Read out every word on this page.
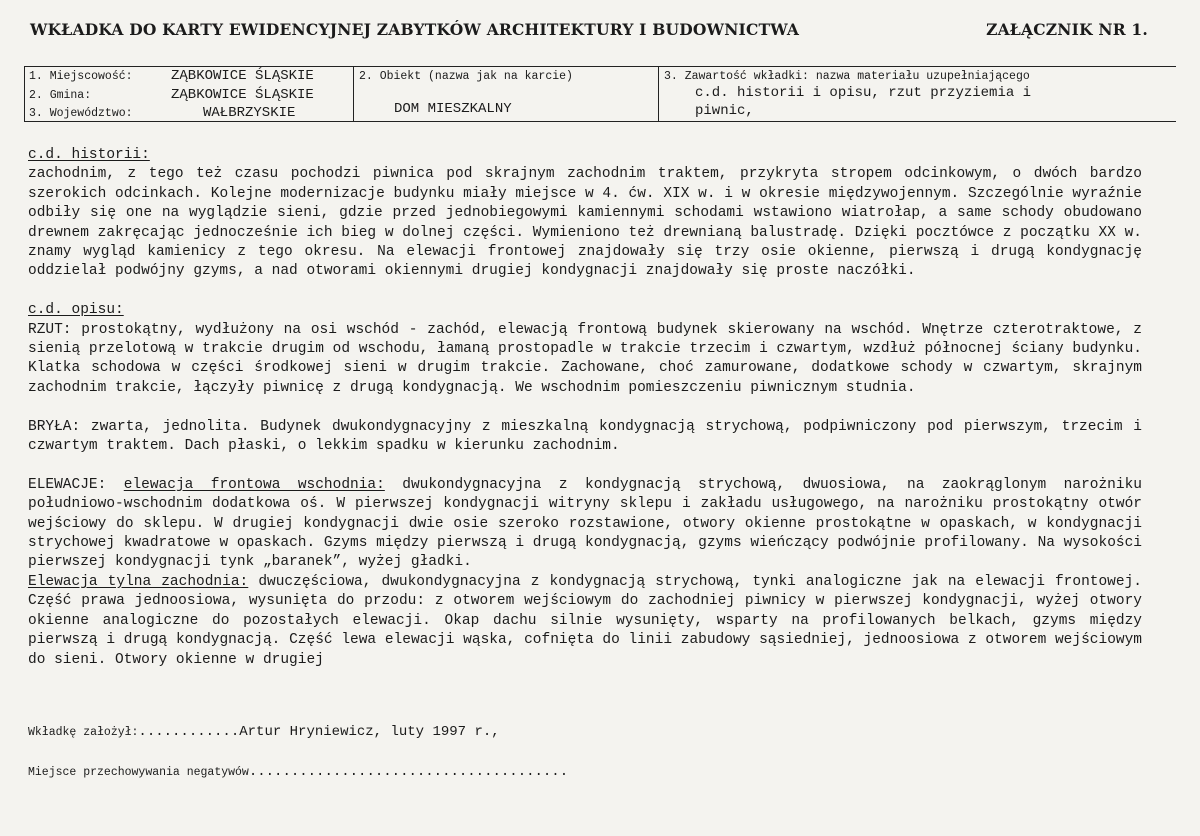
WKŁADKA DO KARTY EWIDENCYJNEJ ZABYTKÓW ARCHITEKTURY I BUDOWNICTWA	ZAŁĄCZNIK NR 1.
1. Miejscowość:	ZĄBKOWICE ŚLĄSKIE
2. Gmina:	ZĄBKOWICE ŚLĄSKIE
3. Województwo:	WAŁBRZYSKIE
2. Obiekt (nazwa jak na karcie)
DOM MIESZKALNY
3. Zawartość wkładki: nazwa materiału uzupełniającego
c.d. historii i opisu, rzut przyziemia i
piwnic,

c.d. historii:

zachodnim, z tego też czasu pochodzi piwnica pod skrajnym zachodnim traktem, przykryta stropem odcinkowym, o dwóch bardzo szerokich odcinkach. Kolejne modernizacje budynku miały miejsce w 4. ćw. XIX w. i w okresie międzywojennym. Szczególnie wyraźnie odbiły się one na wyglądzie sieni, gdzie przed jednobiegowymi kamiennymi schodami wstawiono wiatrołap, a same schody obudowano drewnem zakręcając jednocześnie ich bieg w dolnej części. Wymieniono też drewnianą balustradę. Dzięki pocztówce z początku XX w. znamy wygląd kamienicy z tego okresu. Na elewacji frontowej znajdowały się trzy osie okienne, pierwszą i drugą kondygnację oddzielał podwójny gzyms, a nad otworami okiennymi drugiej kondygnacji znajdowały się proste naczółki.

c.d. opisu:

RZUT: prostokątny, wydłużony na osi wschód - zachód, elewacją frontową budynek skierowany na wschód. Wnętrze czterotraktowe, z sienią przelotową w trakcie drugim od wschodu, łamaną prostopadle w trakcie trzecim i czwartym, wzdłuż północnej ściany budynku. Klatka schodowa w części środkowej sieni w drugim trakcie. Zachowane, choć zamurowane, dodatkowe schody w czwartym, skrajnym zachodnim trakcie, łączyły piwnicę z drugą kondygnacją. We wschodnim pomieszczeniu piwnicznym studnia.

BRYŁA: zwarta, jednolita. Budynek dwukondygnacyjny z mieszkalną kondygnacją strychową, podpiwniczony pod pierwszym, trzecim i czwartym traktem. Dach płaski, o lekkim spadku w kierunku zachodnim.

ELEWACJE: elewacja frontowa wschodnia: dwukondygnacyjna z kondygnacją strychową, dwuosiowa, na zaokrąglonym narożniku południowo-wschodnim dodatkowa oś. W pierwszej kondygnacji witryny sklepu i zakładu usługowego, na narożniku prostokątny otwór wejściowy do sklepu. W drugiej kondygnacji dwie osie szeroko rozstawione, otwory okienne prostokątne w opaskach, w kondygnacji strychowej kwadratowe w opaskach. Gzyms między pierwszą i drugą kondygnacją, gzyms wieńczący podwójnie profilowany. Na wysokości pierwszej kondygnacji tynk „baranek”, wyżej gładki.

Elewacja tylna zachodnia: dwuczęściowa, dwukondygnacyjna z kondygnacją strychową, tynki analogiczne jak na elewacji frontowej. Część prawa jednoosiowa, wysunięta do przodu: z otworem wejściowym do zachodniej piwnicy w pierwszej kondygnacji, wyżej otwory okienne analogiczne do pozostałych elewacji. Okap dachu silnie wysunięty, wsparty na profilowanych belkach, gzyms między pierwszą i drugą kondygnacją. Część lewa elewacji wąska, cofnięta do linii zabudowy sąsiedniej, jednoosiowa z otworem wejściowym do sieni. Otwory okienne w drugiej

Wkładkę założył:............Artur Hryniewicz, luty 1997 r.,
Miejsce przechowywania negatywów......................................
